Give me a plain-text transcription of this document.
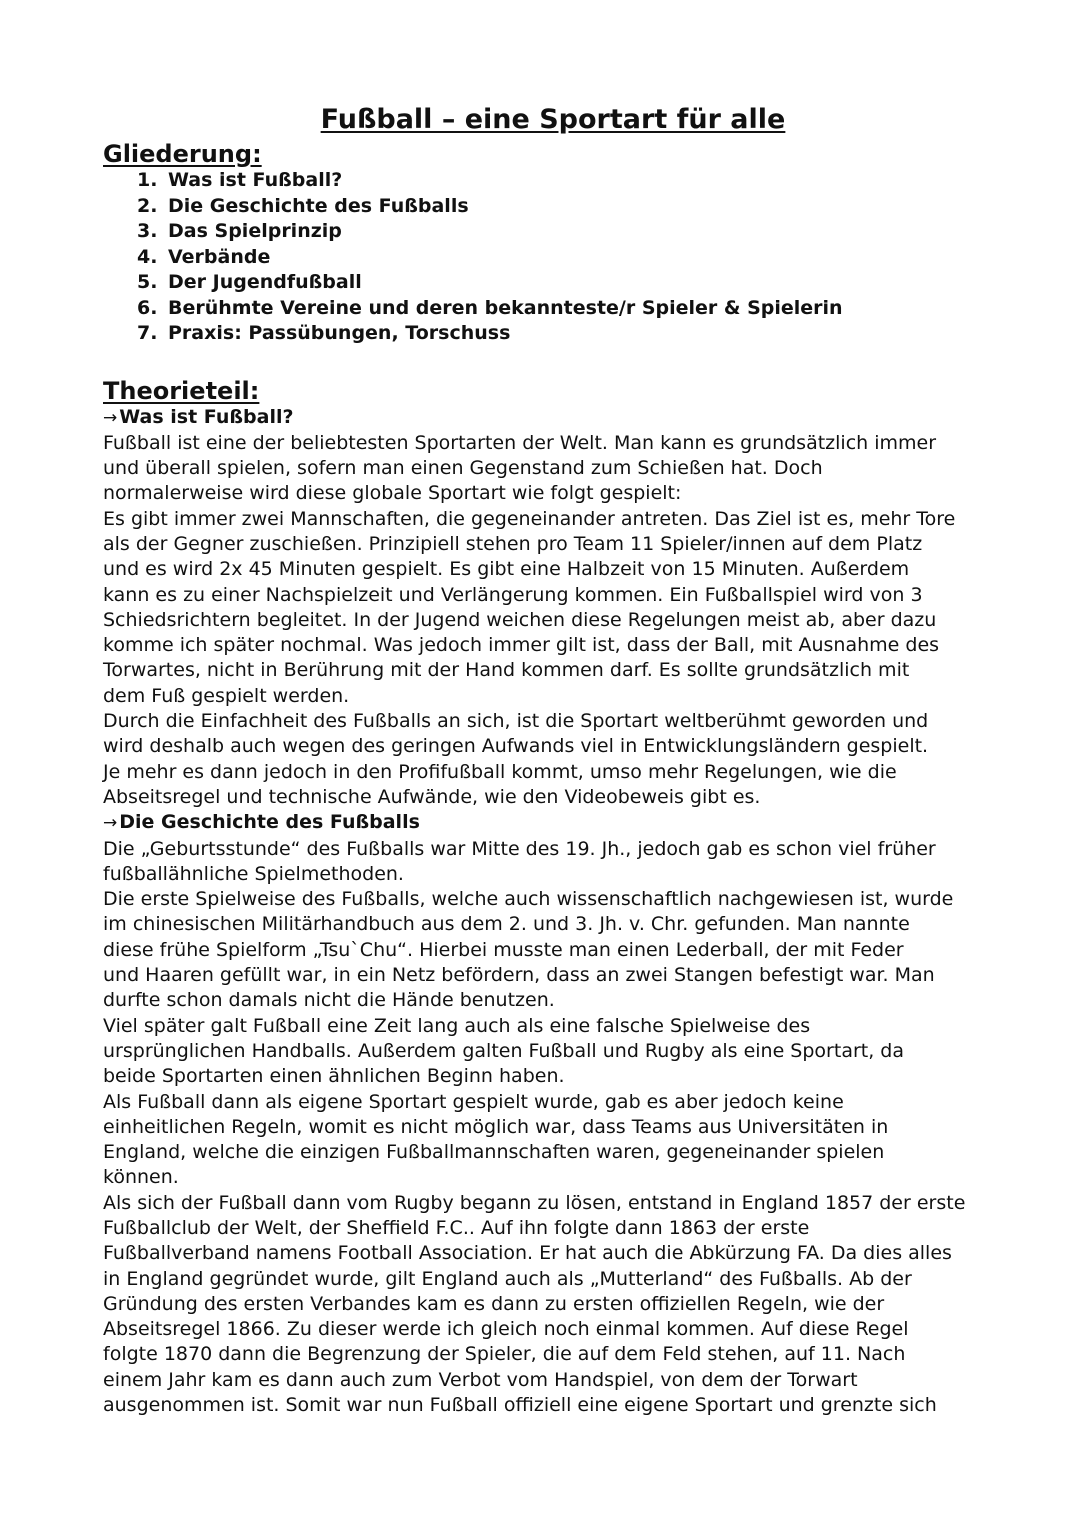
Fußball – eine Sportart für alle
Gliederung:
1. Was ist Fußball?
2. Die Geschichte des Fußballs
3. Das Spielprinzip
4. Verbände
5. Der Jugendfußball
6. Berühmte Vereine und deren bekannteste/r Spieler & Spielerin
7. Praxis: Passübungen, Torschuss
Theorieteil:
→ Was ist Fußball?

Fußball ist eine der beliebtesten Sportarten der Welt. Man kann es grundsätzlich immer
und überall spielen, sofern man einen Gegenstand zum Schießen hat. Doch
normalerweise wird diese globale Sportart wie folgt gespielt:

Es gibt immer zwei Mannschaften, die gegeneinander antreten. Das Ziel ist es, mehr Tore
als der Gegner zuschießen. Prinzipiell stehen pro Team 11 Spieler/innen auf dem Platz
und es wird 2x 45 Minuten gespielt. Es gibt eine Halbzeit von 15 Minuten. Außerdem
kann es zu einer Nachspielzeit und Verlängerung kommen. Ein Fußballspiel wird von 3
Schiedsrichtern begleitet. In der Jugend weichen diese Regelungen meist ab, aber dazu
komme ich später nochmal. Was jedoch immer gilt ist, dass der Ball, mit Ausnahme des
Torwartes, nicht in Berührung mit der Hand kommen darf. Es sollte grundsätzlich mit
dem Fuß gespielt werden.

Durch die Einfachheit des Fußballs an sich, ist die Sportart weltberühmt geworden und
wird deshalb auch wegen des geringen Aufwands viel in Entwicklungsländern gespielt.
Je mehr es dann jedoch in den Profifußball kommt, umso mehr Regelungen, wie die
Abseitsregel und technische Aufwände, wie den Videobeweis gibt es.

→ Die Geschichte des Fußballs

Die „Geburtsstunde“ des Fußballs war Mitte des 19. Jh., jedoch gab es schon viel früher
fußballähnliche Spielmethoden.

Die erste Spielweise des Fußballs, welche auch wissenschaftlich nachgewiesen ist, wurde
im chinesischen Militärhandbuch aus dem 2. und 3. Jh. v. Chr. gefunden. Man nannte
diese frühe Spielform „Tsu`Chu“. Hierbei musste man einen Lederball, der mit Feder
und Haaren gefüllt war, in ein Netz befördern, dass an zwei Stangen befestigt war. Man
durfte schon damals nicht die Hände benutzen.

Viel später galt Fußball eine Zeit lang auch als eine falsche Spielweise des
ursprünglichen Handballs. Außerdem galten Fußball und Rugby als eine Sportart, da
beide Sportarten einen ähnlichen Beginn haben.

Als Fußball dann als eigene Sportart gespielt wurde, gab es aber jedoch keine
einheitlichen Regeln, womit es nicht möglich war, dass Teams aus Universitäten in
England, welche die einzigen Fußballmannschaften waren, gegeneinander spielen
können.

Als sich der Fußball dann vom Rugby begann zu lösen, entstand in England 1857 der erste
Fußballclub der Welt, der Sheffield F.C.. Auf ihn folgte dann 1863 der erste
Fußballverband namens Football Association. Er hat auch die Abkürzung FA. Da dies alles
in England gegründet wurde, gilt England auch als „Mutterland“ des Fußballs. Ab der
Gründung des ersten Verbandes kam es dann zu ersten offiziellen Regeln, wie der
Abseitsregel 1866. Zu dieser werde ich gleich noch einmal kommen. Auf diese Regel
folgte 1870 dann die Begrenzung der Spieler, die auf dem Feld stehen, auf 11. Nach
einem Jahr kam es dann auch zum Verbot vom Handspiel, von dem der Torwart
ausgenommen ist. Somit war nun Fußball offiziell eine eigene Sportart und grenzte sich
